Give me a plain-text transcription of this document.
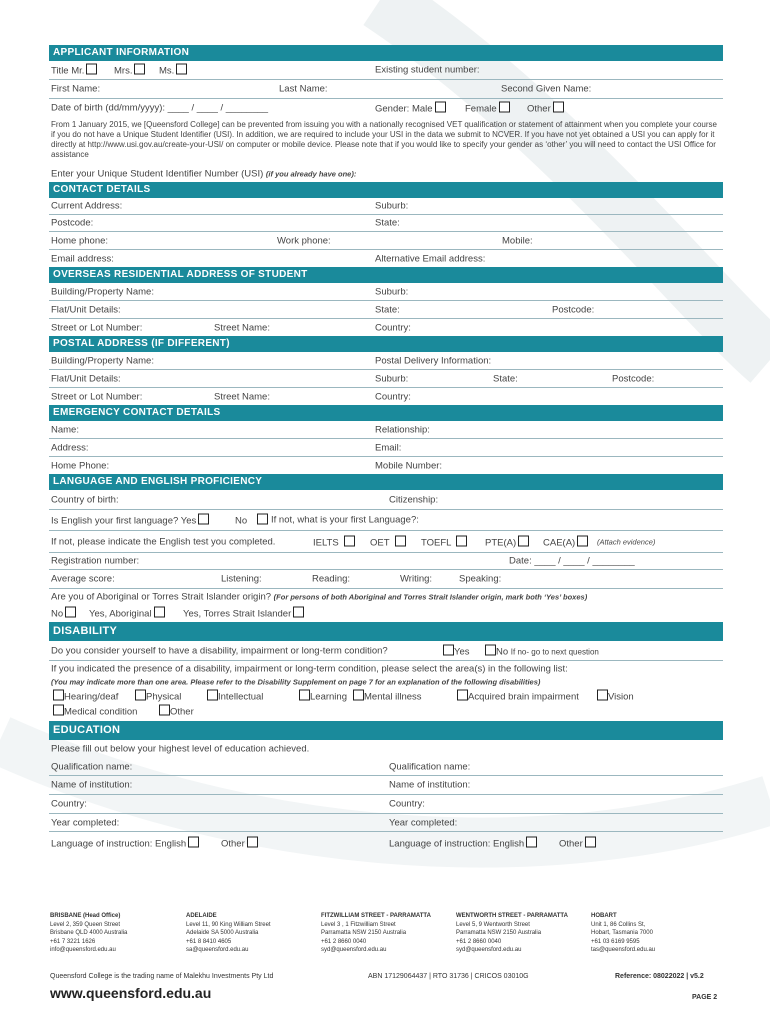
APPLICANT INFORMATION
Title Mr.	Mrs.	Ms.	Existing student number:
First Name:	Last Name:	Second Given Name:
Date of birth (dd/mm/yyyy): ____ / ____ / ________	Gender: Male	Female	Other
From 1 January 2015, we [Queensford College] can be prevented from issuing you with a nationally recognised VET qualification or statement of attainment when you complete your course if you do not have a Unique Student Identifier (USI). In addition, we are required to include your USI in the data we submit to NCVER. If you have not yet obtained a USI you can apply for it directly at http://www.usi.gov.au/create-your-USI/ on computer or mobile device. Please note that if you would like to specify your gender as ‘other’ you will need to contact the USI Office for assistance
Enter your Unique Student Identifier Number (USI) (if you already have one):
CONTACT DETAILS
Current Address:	Suburb:
Postcode:	State:
Home phone:	Work phone:	Mobile:
Email address:	Alternative Email address:
OVERSEAS RESIDENTIAL ADDRESS OF STUDENT
Building/Property Name:	Suburb:
Flat/Unit Details:	State:	Postcode:
Street or Lot Number:	Street Name:	Country:
POSTAL ADDRESS (IF DIFFERENT)
Building/Property Name:	Postal Delivery Information:
Flat/Unit Details:	Suburb:	State:	Postcode:
Street or Lot Number:	Street Name:	Country:
EMERGENCY CONTACT DETAILS
Name:	Relationship:
Address:	Email:
Home Phone:	Mobile Number:
LANGUAGE AND ENGLISH PROFICIENCY
Country of birth:	Citizenship:
Is English your first language? Yes	No	If not, what is your first Language?:
If not, please indicate the English test you completed.	IELTS	OET	TOEFL	PTE(A)	CAE(A)	(Attach evidence)
Registration number:	Date: ____ / ____ / ________
Average score:	Listening:	Reading:	Writing:	Speaking:
Are you of Aboriginal or Torres Strait Islander origin? (For persons of both Aboriginal and Torres Strait Islander origin, mark both ‘Yes’ boxes)
No	Yes, Aboriginal	Yes, Torres Strait Islander
DISABILITY
Do you consider yourself to have a disability, impairment or long-term condition?	Yes	No If no- go to next question
If you indicated the presence of a disability, impairment or long-term condition, please select the area(s) in the following list:
(You may indicate more than one area. Please refer to the Disability Supplement on page 7 for an explanation of the following disabilities)
Hearing/deaf	Physical	Intellectual	Learning	Mental illness	Acquired brain impairment	Vision
Medical condition	Other
EDUCATION
Please fill out below your highest level of education achieved.
Qualification name:	Qualification name:
Name of institution:	Name of institution:
Country:	Country:
Year completed:	Year completed:
Language of instruction: English	Other	Language of instruction: English	Other
BRISBANE (Head Office)
Level 2, 359 Queen Street
Brisbane QLD 4000 Australia
+61 7 3221 1626
info@queensford.edu.au
ADELAIDE
Level 11, 90 King William Street
Adelaide SA 5000 Australia
+61 8 8410 4605
sa@queensford.edu.au
FITZWILLIAM STREET - PARRAMATTA
Level 3 , 1 Fitzwilliam Street
Parramatta NSW 2150 Australia
+61 2 8660 0040
syd@queensford.edu.au
WENTWORTH STREET - PARRAMATTA
Level 5, 9 Wentworth Street
Parramatta NSW 2150 Australia
+61 2 8660 0040
syd@queensford.edu.au
HOBART
Unit 1, 86 Collins St,
Hobart, Tasmania 7000
+61 03 6169 9595
tas@queensford.edu.au
Queensford College is the trading name of Malekhu Investments Pty Ltd	ABN 17129064437 | RTO 31736 | CRICOS 03010G	Reference: 08022022 | v5.2
www.queensford.edu.au	PAGE 2
